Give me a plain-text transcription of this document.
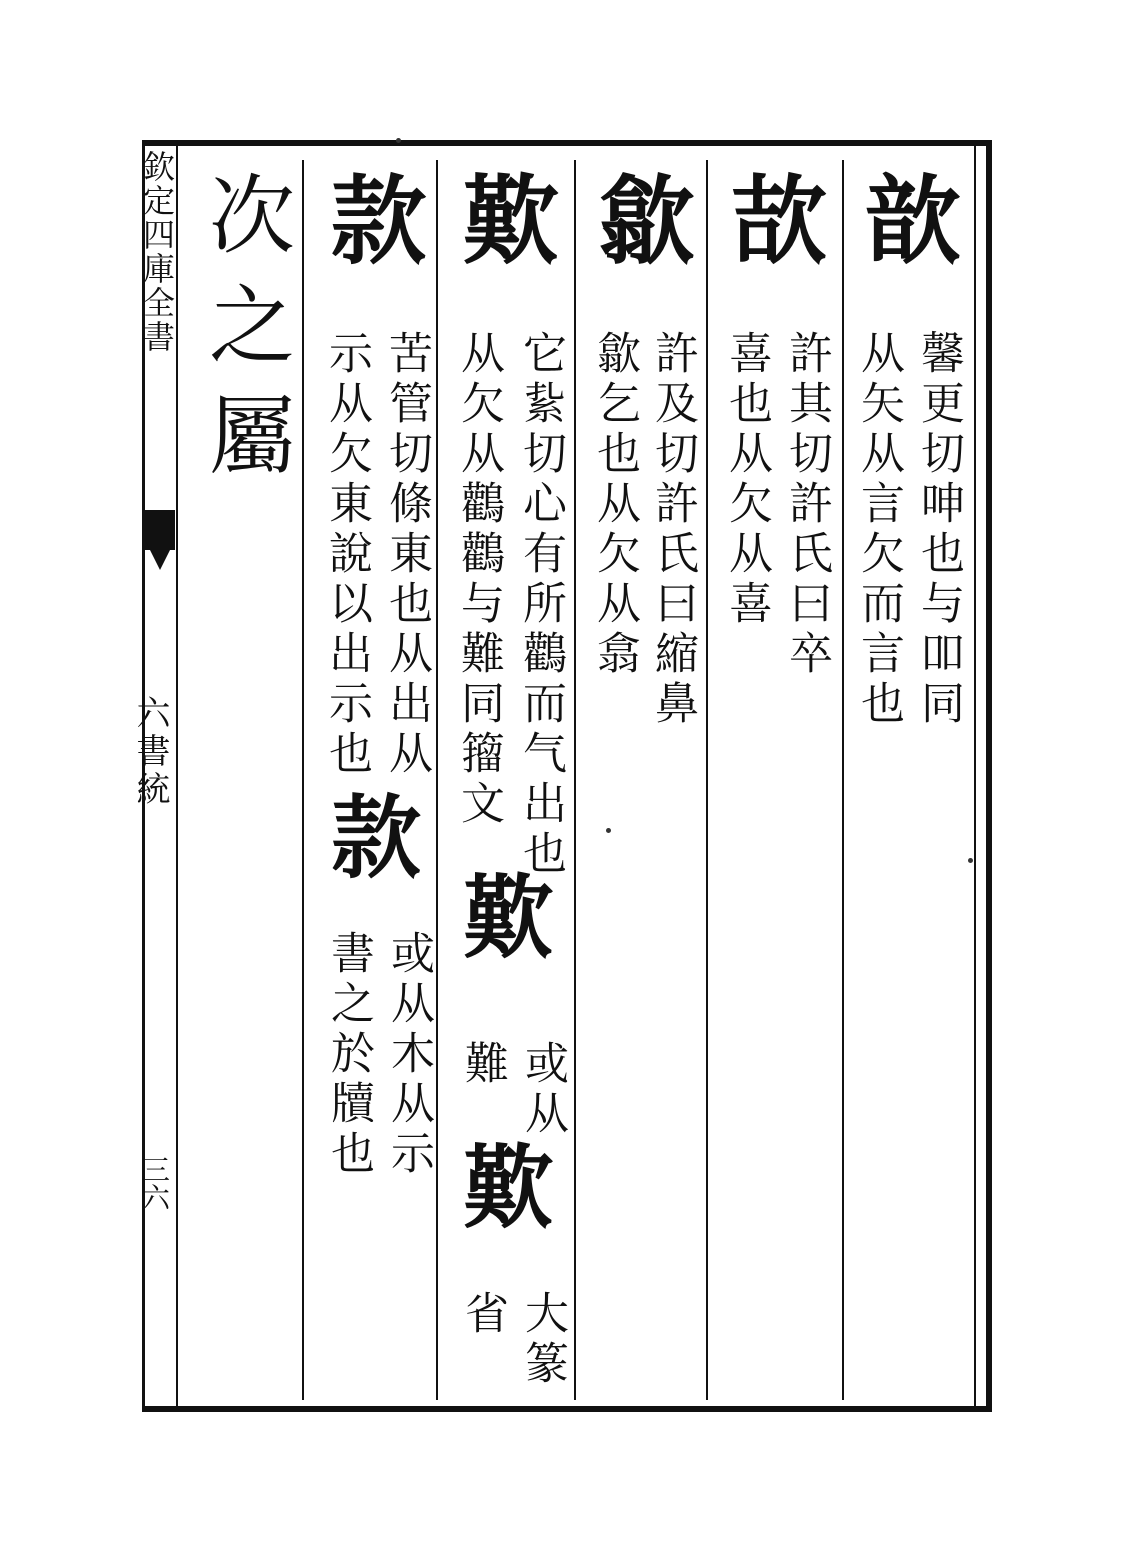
欽定四庫全書
六書統
三六
歆
馨更切呻也与吅同
从矢从言欠而言也
欯
許其切許氏曰卒
喜也从欠从喜
歙
許及切許氏曰縮鼻
歙乞也从欠从翕
歎
它紥切心有所鸛而气出也
从欠从鸛鸛与難同籀文
歎
或从
難
歎
大篆
省
款
苦管切條東也从出从
示从欠東說以出示也
款
或从木从示
書之於牘也
次之屬
